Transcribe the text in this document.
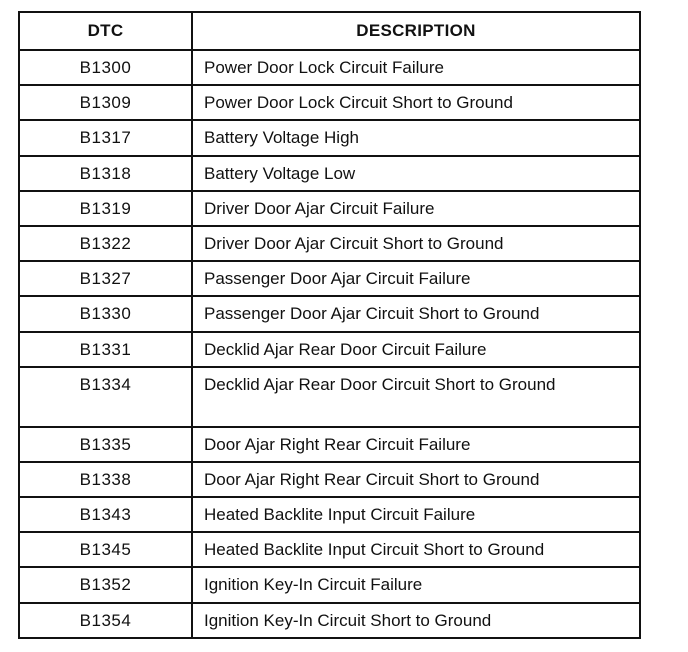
DTC	DESCRIPTION
B1300	Power Door Lock Circuit Failure
B1309	Power Door Lock Circuit Short to Ground
B1317	Battery Voltage High
B1318	Battery Voltage Low
B1319	Driver Door Ajar Circuit Failure
B1322	Driver Door Ajar Circuit Short to Ground
B1327	Passenger Door Ajar Circuit Failure
B1330	Passenger Door Ajar Circuit Short to Ground
B1331	Decklid Ajar Rear Door Circuit Failure
B1334	Decklid Ajar Rear Door Circuit Short to Ground
B1335	Door Ajar Right Rear Circuit Failure
B1338	Door Ajar Right Rear Circuit Short to Ground
B1343	Heated Backlite Input Circuit Failure
B1345	Heated Backlite Input Circuit Short to Ground
B1352	Ignition Key-In Circuit Failure
B1354	Ignition Key-In Circuit Short to Ground
